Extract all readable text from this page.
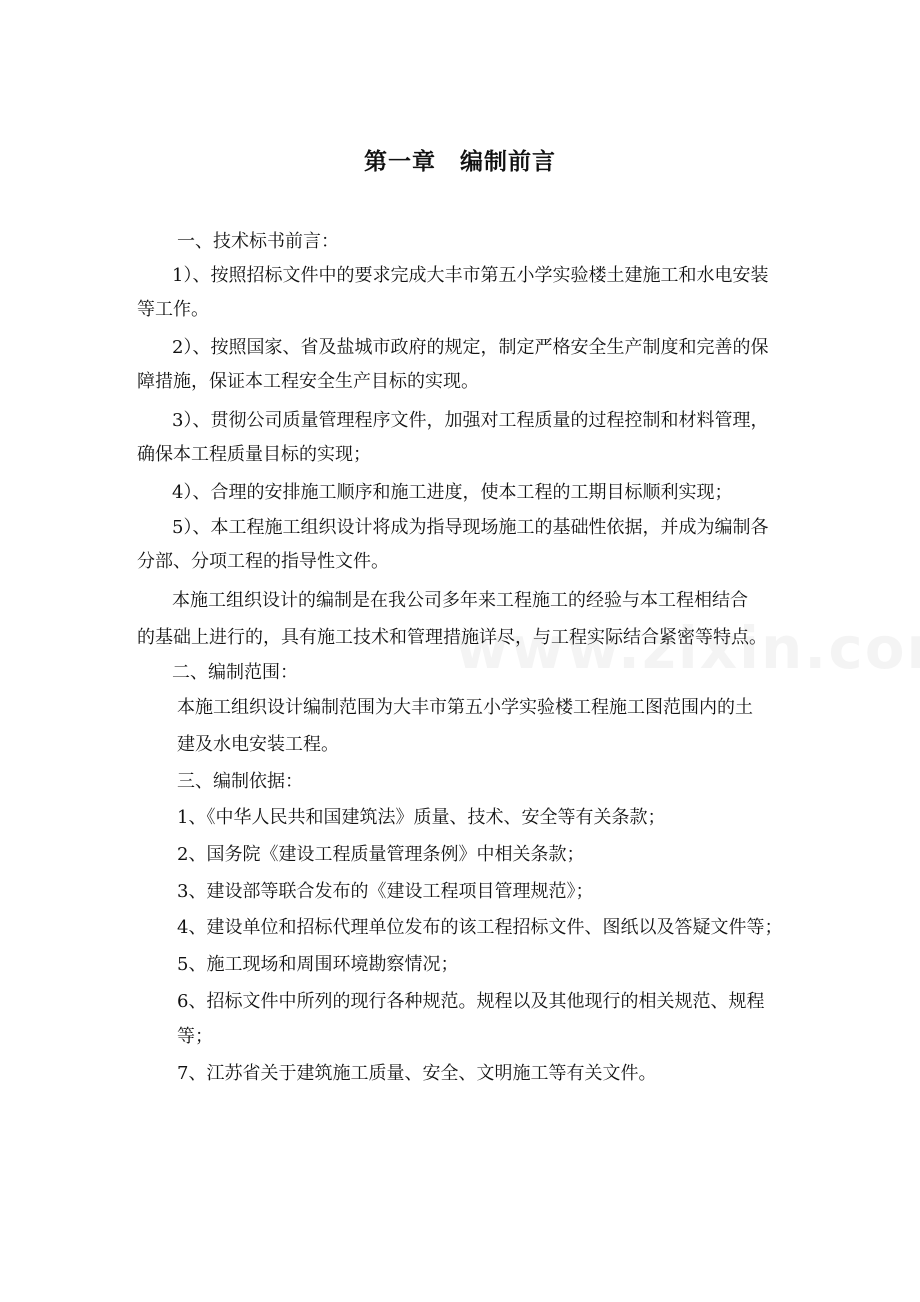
第一章　编制前言
一、技术标书前言：
1）、按照招标文件中的要求完成大丰市第五小学实验楼土建施工和水电安装
等工作。
2）、按照国家、省及盐城市政府的规定，制定严格安全生产制度和完善的保
障措施，保证本工程安全生产目标的实现。
3）、贯彻公司质量管理程序文件，加强对工程质量的过程控制和材料管理，
确保本工程质量目标的实现；
4）、合理的安排施工顺序和施工进度，使本工程的工期目标顺利实现；
5）、本工程施工组织设计将成为指导现场施工的基础性依据，并成为编制各
分部、分项工程的指导性文件。
本施工组织设计的编制是在我公司多年来工程施工的经验与本工程相结合
的基础上进行的，具有施工技术和管理措施详尽，与工程实际结合紧密等特点。
二、编制范围：
本施工组织设计编制范围为大丰市第五小学实验楼工程施工图范围内的土
建及水电安装工程。
三、编制依据：
1、《中华人民共和国建筑法》质量、技术、安全等有关条款；
2、国务院《建设工程质量管理条例》中相关条款；
3、建设部等联合发布的《建设工程项目管理规范》；
4、建设单位和招标代理单位发布的该工程招标文件、图纸以及答疑文件等；
5、施工现场和周围环境勘察情况；
6、招标文件中所列的现行各种规范。规程以及其他现行的相关规范、规程
等；
7、江苏省关于建筑施工质量、安全、文明施工等有关文件。
